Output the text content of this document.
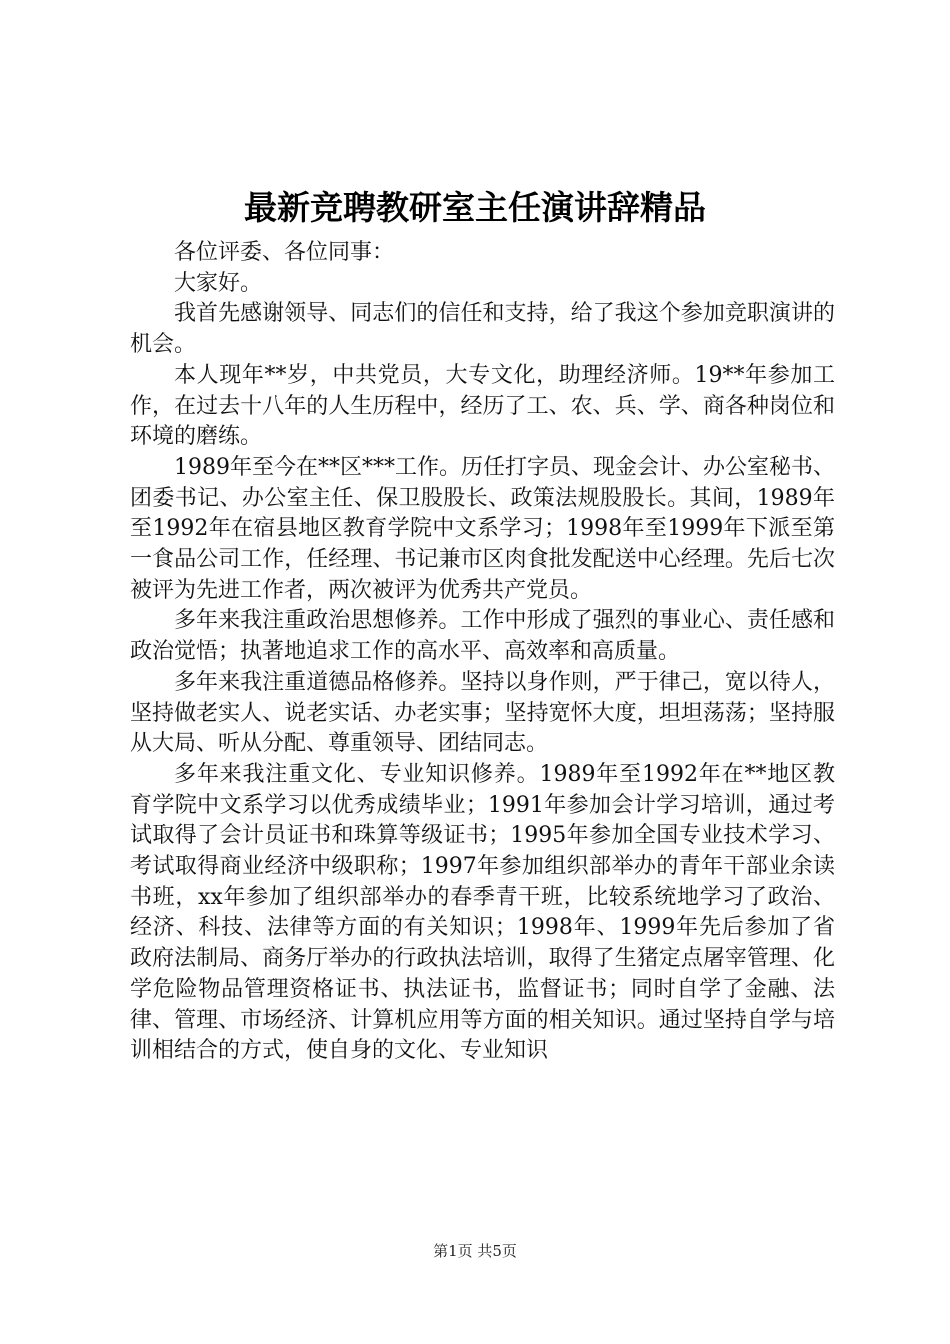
最新竞聘教研室主任演讲辞精品

各位评委、各位同事：

大家好。

我首先感谢领导、同志们的信任和支持，给了我这个参加竞职演讲的机会。

本人现年**岁，中共党员，大专文化，助理经济师。19**年参加工作，在过去十八年的人生历程中，经历了工、农、兵、学、商各种岗位和环境的磨练。

1989年至今在**区***工作。历任打字员、现金会计、办公室秘书、团委书记、办公室主任、保卫股股长、政策法规股股长。其间，1989年至1992年在宿县地区教育学院中文系学习；1998年至1999年下派至第一食品公司工作，任经理、书记兼市区肉食批发配送中心经理。先后七次被评为先进工作者，两次被评为优秀共产党员。

多年来我注重政治思想修养。工作中形成了强烈的事业心、责任感和政治觉悟；执著地追求工作的高水平、高效率和高质量。

多年来我注重道德品格修养。坚持以身作则，严于律己，宽以待人，坚持做老实人、说老实话、办老实事；坚持宽怀大度，坦坦荡荡；坚持服从大局、听从分配、尊重领导、团结同志。

多年来我注重文化、专业知识修养。1989年至1992年在**地区教育学院中文系学习以优秀成绩毕业；1991年参加会计学习培训，通过考试取得了会计员证书和珠算等级证书；1995年参加全国专业技术学习、考试取得商业经济中级职称；1997年参加组织部举办的青年干部业余读书班，xx年参加了组织部举办的春季青干班，比较系统地学习了政治、经济、科技、法律等方面的有关知识；1998年、1999年先后参加了省政府法制局、商务厅举办的行政执法培训，取得了生猪定点屠宰管理、化学危险物品管理资格证书、执法证书，监督证书；同时自学了金融、法律、管理、市场经济、计算机应用等方面的相关知识。通过坚持自学与培训相结合的方式，使自身的文化、专业知识

第1页 共5页
